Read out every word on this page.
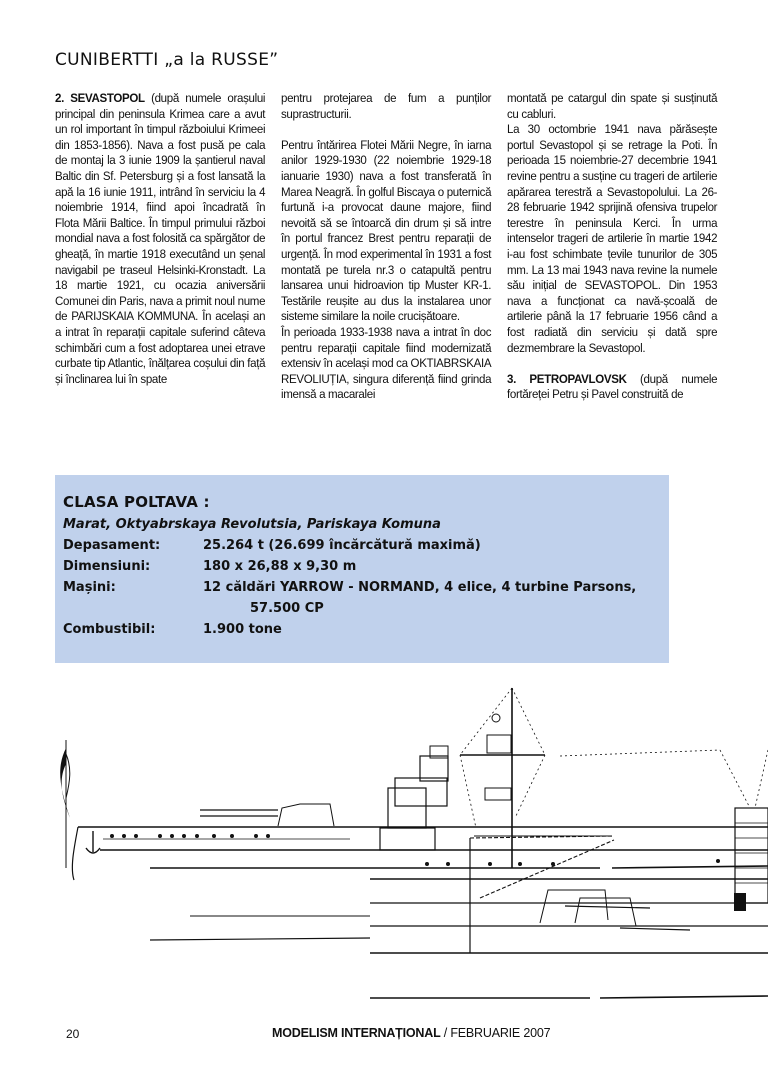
CUNIBERTTI „a la RUSSE”

2. SEVASTOPOL (după numele orașului principal din peninsula Krimea care a avut un rol important în timpul războiului Krimeei din 1853-1856). Nava a fost pusă pe cala de montaj la 3 iunie 1909 la șantierul naval Baltic din Sf. Petersburg și a fost lansată la apă la 16 iunie 1911, intrând în serviciu la 4 noiembrie 1914, fiind apoi încadrată în Flota Mării Baltice. În timpul primului război mondial nava a fost folosită ca spărgător de gheață, în martie 1918 executând un șenal navigabil pe traseul Helsinki-Kronstadt. La 18 martie 1921, cu ocazia aniversării Comunei din Paris, nava a primit noul nume de PARIJSKAIA KOMMUNA. În același an a intrat în reparații capitale suferind câteva schimbări cum a fost adoptarea unei etrave curbate tip Atlantic, înălțarea coșului din față și înclinarea lui în spate

pentru protejarea de fum a punților suprastructurii.

Pentru întărirea Flotei Mării Negre, în iarna anilor 1929-1930 (22 noiembrie 1929-18 ianuarie 1930) nava a fost transferată în Marea Neagră. În golful Biscaya o puternică furtună i-a provocat daune majore, fiind nevoită să se întoarcă din drum și să intre în portul francez Brest pentru reparații de urgență. În mod experimental în 1931 a fost montată pe turela nr.3 o catapultă pentru lansarea unui hidroavion tip Muster KR-1. Testările reușite au dus la instalarea unor sisteme similare la noile crucișătoare.

În perioada 1933-1938 nava a intrat în doc pentru reparații capitale fiind modernizată extensiv în același mod ca OKTIABRSKAIA REVOLIUȚIA, singura diferență fiind grinda imensă a macaralei

montată pe catargul din spate și susținută cu cabluri.

La 30 octombrie 1941 nava părăsește portul Sevastopol și se retrage la Poti. În perioada 15 noiembrie-27 decembrie 1941 revine pentru a susține cu trageri de artilerie apărarea terestră a Sevastopolului. La 26-28 februarie 1942 sprijină ofensiva trupelor terestre în peninsula Kerci. În urma intenselor trageri de artilerie în martie 1942 i-au fost schimbate țevile tunurilor de 305 mm. La 13 mai 1943 nava revine la numele său inițial de SEVASTOPOL. Din 1953 nava a funcționat ca navă-școală de artilerie până la 17 februarie 1956 când a fost radiată din serviciu și dată spre dezmembrare la Sevastopol.

3. PETROPAVLOVSK (după numele fortăreței Petru și Pavel construită de

CLASA POLTAVA :
Marat, Oktyabrskaya Revolutsia, Pariskaya Komuna
Depasament:	25.264 t (26.699 încărcătură maximă)
Dimensiuni:	180 x 26,88 x 9,30 m
Mașini:	12 căldări YARROW - NORMAND, 4 elice, 4 turbine Parsons,
57.500 CP
Combustibil:	1.900 tone
20	MODELISM INTERNAȚIONAL / FEBRUARIE 2007
